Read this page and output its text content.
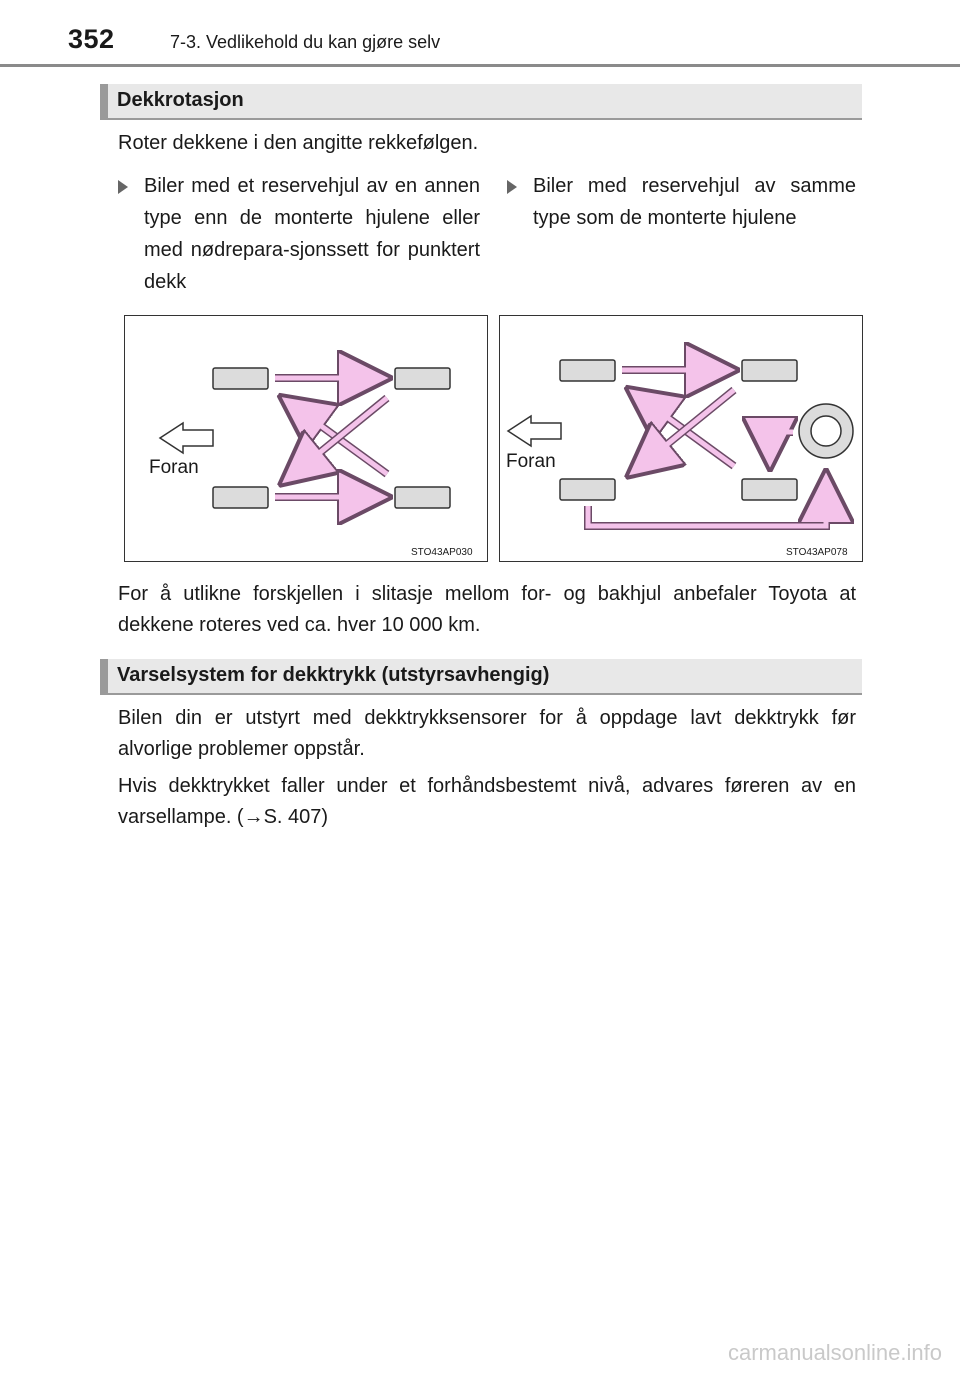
352	7-3. Vedlikehold du kan gjøre selv
Dekkrotasjon

Roter dekkene i den angitte rekkefølgen.

Biler med et reservehjul av en annen type enn de monterte hjulene eller med nødrepara-sjonssett for punktert dekk
Biler med reservehjul av samme type som de monterte hjulene
Foran
STO43AP030
Foran
STO43AP078

For å utlikne forskjellen i slitasje mellom for- og bakhjul anbefaler Toyota at dekkene roteres ved ca. hver 10 000 km.

Varselsystem for dekktrykk (utstyrsavhengig)

Bilen din er utstyrt med dekktrykksensorer for å oppdage lavt dekktrykk før alvorlige problemer oppstår.

Hvis dekktrykket faller under et forhåndsbestemt nivå, advares føreren av en varsellampe. (→S. 407)

carmanualsonline.info
